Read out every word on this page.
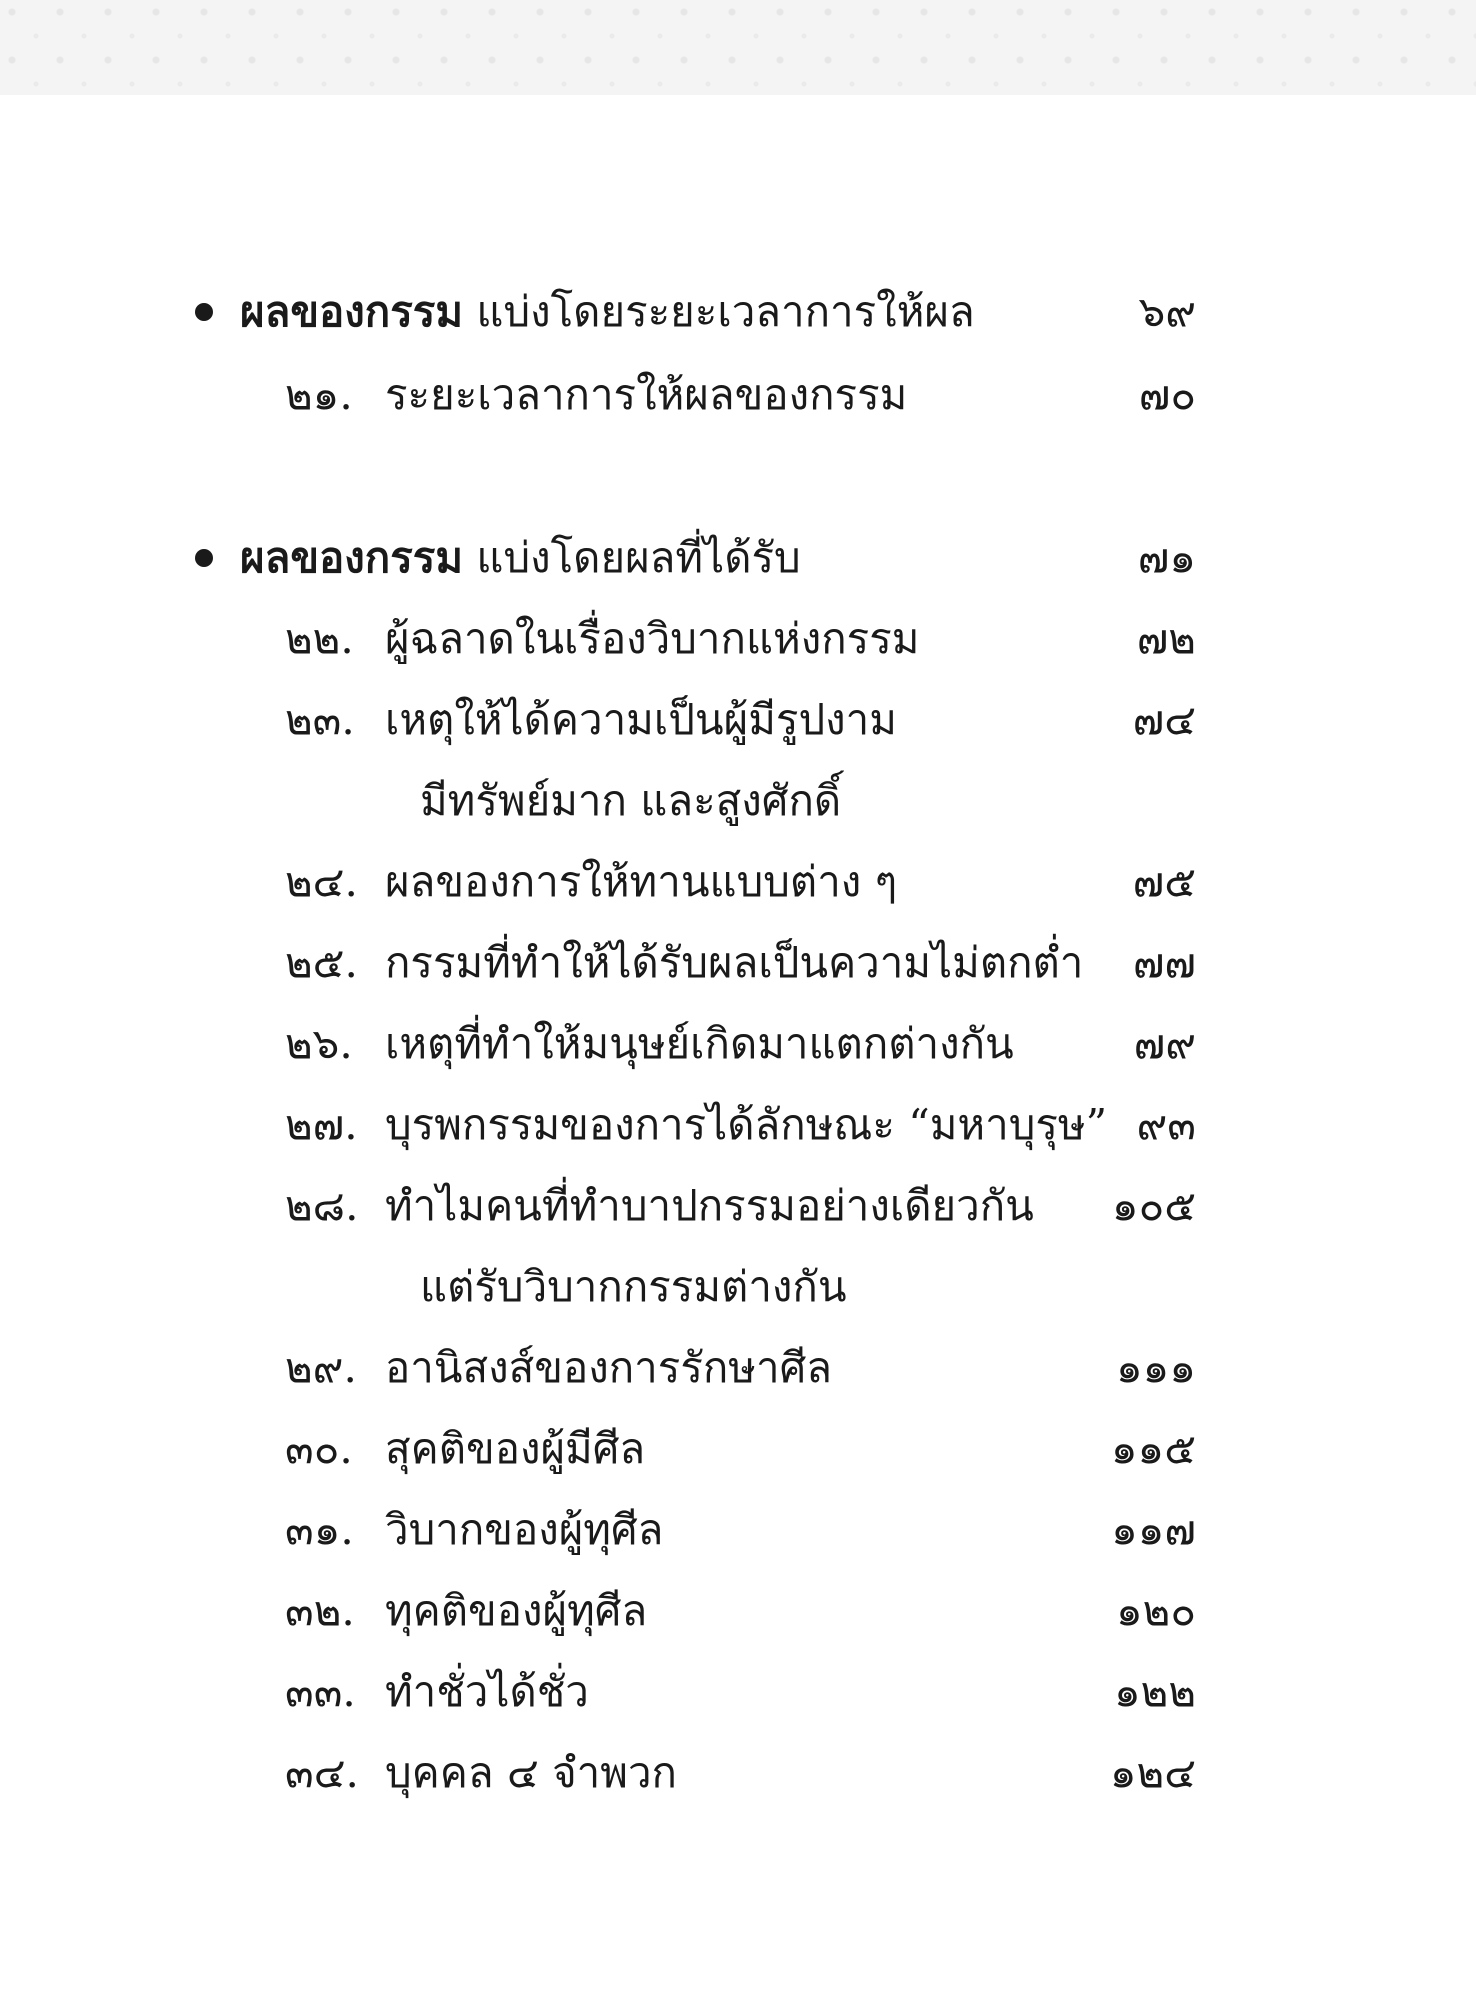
ผลของกรรม แบ่งโดยระยะเวลาการให้ผล	๖๙
๒๑. ระยะเวลาการให้ผลของกรรม	๗๐
ผลของกรรม แบ่งโดยผลที่ได้รับ	๗๑
๒๒. ผู้ฉลาดในเรื่องวิบากแห่งกรรม	๗๒
๒๓. เหตุให้ได้ความเป็นผู้มีรูปงาม	๗๔
มีทรัพย์มาก และสูงศักดิ์
๒๔. ผลของการให้ทานแบบต่าง ๆ	๗๕
๒๕. กรรมที่ทำให้ได้รับผลเป็นความไม่ตกต่ำ ๗๗
๒๖. เหตุที่ทำให้มนุษย์เกิดมาแตกต่างกัน	๗๙
๒๗. บุรพกรรมของการได้ลักษณะ “มหาบุรุษ” ๙๓
๒๘. ทำไมคนที่ทำบาปกรรมอย่างเดียวกัน ๑๐๕
แต่รับวิบากกรรมต่างกัน
๒๙. อานิสงส์ของการรักษาศีล	๑๑๑
๓๐. สุคติของผู้มีศีล	๑๑๕
๓๑. วิบากของผู้ทุศีล	๑๑๗
๓๒. ทุคติของผู้ทุศีล	๑๒๐
๓๓. ทำชั่วได้ชั่ว	๑๒๒
๓๔. บุคคล ๔ จำพวก	๑๒๔
